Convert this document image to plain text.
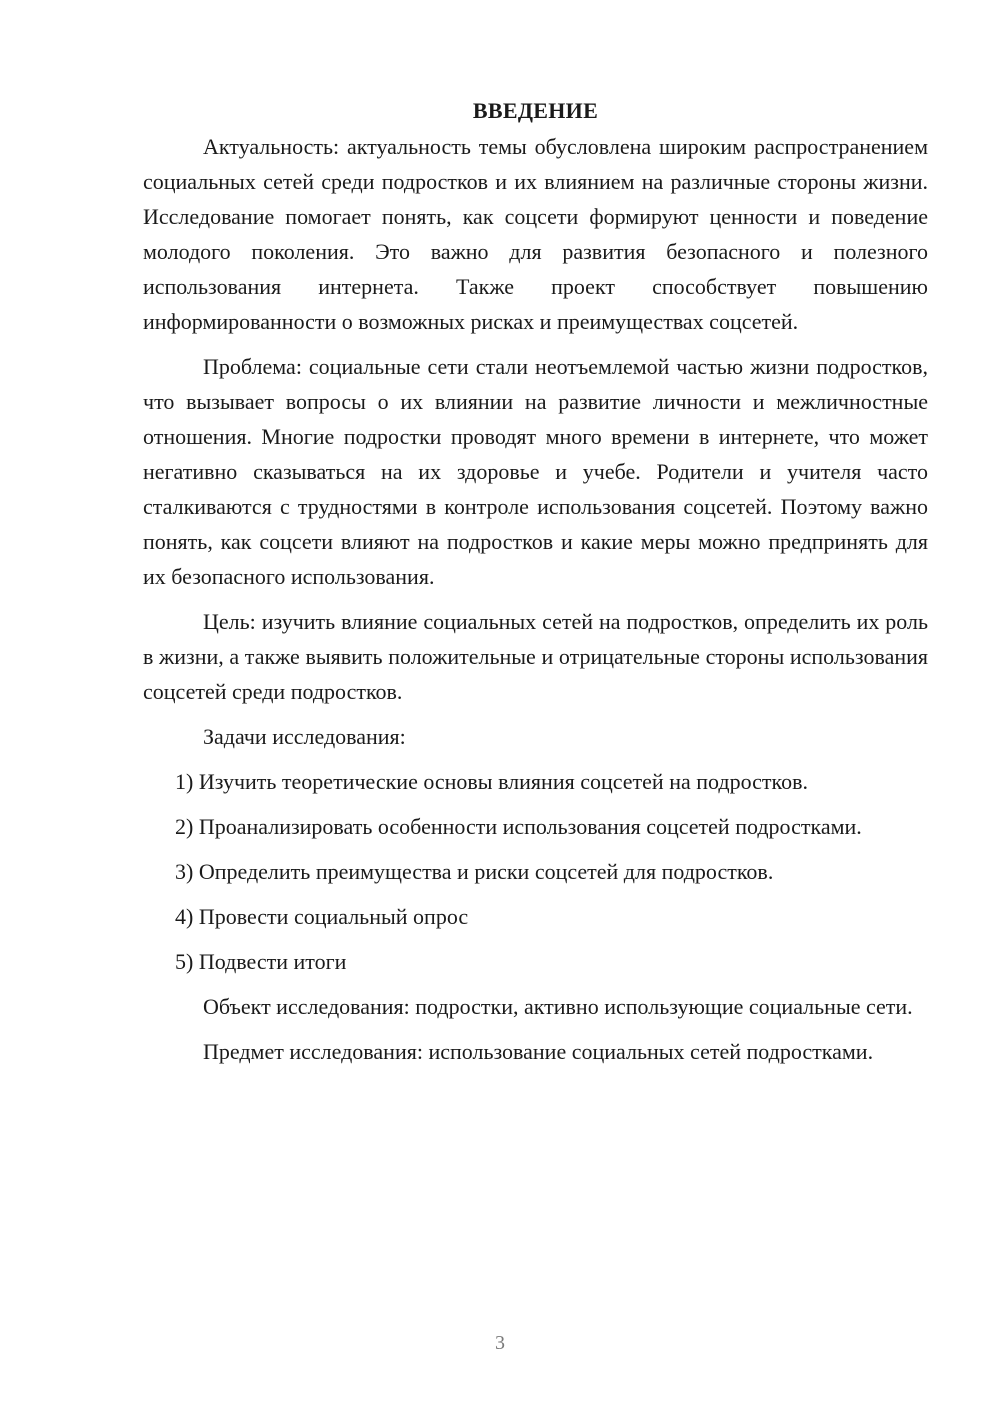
ВВЕДЕНИЕ

Актуальность: актуальность темы обусловлена широким распространением социальных сетей среди подростков и их влиянием на различные стороны жизни. Исследование помогает понять, как соцсети формируют ценности и поведение молодого поколения. Это важно для развития безопасного и полезного использования интернета. Также проект способствует повышению информированности о возможных рисках и преимуществах соцсетей.

Проблема: социальные сети стали неотъемлемой частью жизни подростков, что вызывает вопросы о их влиянии на развитие личности и межличностные отношения. Многие подростки проводят много времени в интернете, что может негативно сказываться на их здоровье и учебе. Родители и учителя часто сталкиваются с трудностями в контроле использования соцсетей. Поэтому важно понять, как соцсети влияют на подростков и какие меры можно предпринять для их безопасного использования.

Цель: изучить влияние социальных сетей на подростков, определить их роль в жизни, а также выявить положительные и отрицательные стороны использования соцсетей среди подростков.

Задачи исследования:

1) Изучить теоретические основы влияния соцсетей на подростков.

2) Проанализировать особенности использования соцсетей подростками.

3) Определить преимущества и риски соцсетей для подростков.

4) Провести социальный опрос

5) Подвести итоги

Объект исследования: подростки, активно использующие социальные сети.

Предмет исследования: использование социальных сетей подростками.

3
